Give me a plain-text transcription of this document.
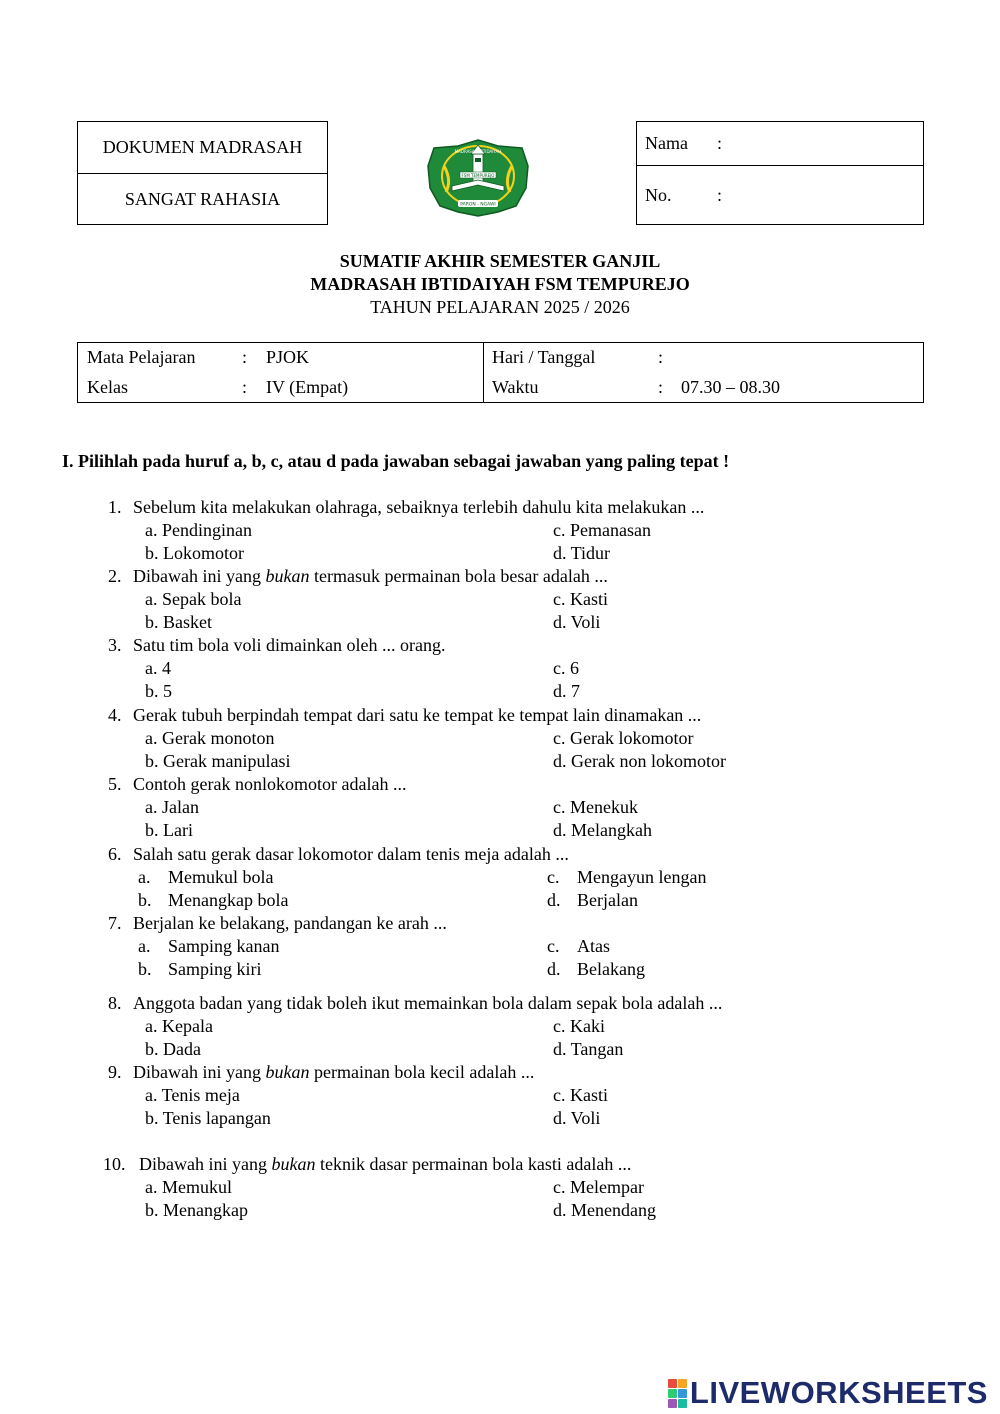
DOKUMEN MADRASAH
SANGAT RAHASIA
FSM TEMPUREJO
MADRASAH IBTIDAIYAH
PARON - NGAWI
Nama	:
No.	:
SUMATIF AKHIR SEMESTER GANJIL
MADRASAH IBTIDAIYAH FSM TEMPUREJO
TAHUN PELAJARAN 2025 / 2026
Mata Pelajaran	: PJOK	Hari / Tanggal	:
Kelas	: IV (Empat)	Waktu	: 07.30 – 08.30
I. Pilihlah pada huruf a, b, c, atau d pada jawaban sebagai jawaban yang paling tepat !
1. Sebelum kita melakukan olahraga, sebaiknya terlebih dahulu kita melakukan ...
a. Pendinginan
b. Lokomotor
c. Pemanasan
d. Tidur
2. Dibawah ini yang bukan termasuk permainan bola besar adalah ...
a. Sepak bola
b. Basket
c. Kasti
d. Voli
3. Satu tim bola voli dimainkan oleh ... orang.
a. 4
b. 5
c. 6
d. 7
4. Gerak tubuh berpindah tempat dari satu ke tempat ke tempat lain dinamakan ...
a. Gerak monoton
b. Gerak manipulasi
c. Gerak lokomotor
d. Gerak non lokomotor
5. Contoh gerak nonlokomotor adalah ...
a. Jalan
b. Lari
c. Menekuk
d. Melangkah
6. Salah satu gerak dasar lokomotor dalam tenis meja adalah ...
a. Memukul bola
b. Menangkap bola
c. Mengayun lengan
d. Berjalan
7. Berjalan ke belakang, pandangan ke arah ...
a. Samping kanan
b. Samping kiri
c. Atas
d. Belakang
8. Anggota badan yang tidak boleh ikut memainkan bola dalam sepak bola adalah ...
a. Kepala
b. Dada
c. Kaki
d. Tangan
9. Dibawah ini yang bukan permainan bola kecil adalah ...
a. Tenis meja
b. Tenis lapangan
c. Kasti
d. Voli
10. Dibawah ini yang bukan teknik dasar permainan bola kasti adalah ...
a. Memukul
b. Menangkap
c. Melempar
d. Menendang
LIVEWORKSHEETS
